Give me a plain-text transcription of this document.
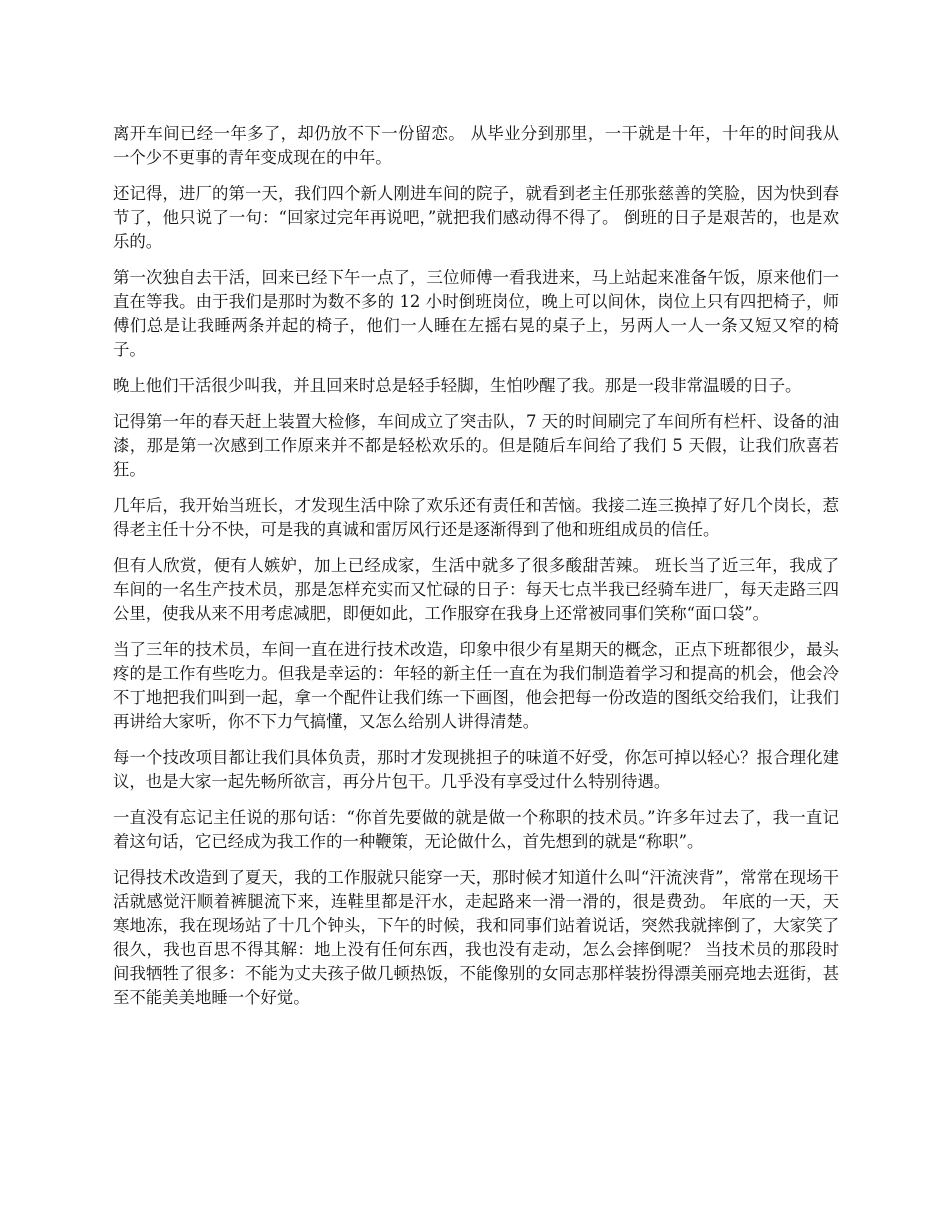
离开车间已经一年多了，却仍放不下一份留恋。 从毕业分到那里，一干就是十年，十年的时间我从一个少不更事的青年变成现在的中年。

还记得，进厂的第一天，我们四个新人刚进车间的院子，就看到老主任那张慈善的笑脸，因为快到春节了，他只说了一句：“回家过完年再说吧，”就把我们感动得不得了。 倒班的日子是艰苦的，也是欢乐的。

第一次独自去干活，回来已经下午一点了，三位师傅一看我进来，马上站起来准备午饭，原来他们一直在等我。由于我们是那时为数不多的 12 小时倒班岗位，晚上可以间休，岗位上只有四把椅子，师傅们总是让我睡两条并起的椅子，他们一人睡在左摇右晃的桌子上，另两人一人一条又短又窄的椅子。

晚上他们干活很少叫我，并且回来时总是轻手轻脚，生怕吵醒了我。那是一段非常温暖的日子。

记得第一年的春天赶上装置大检修，车间成立了突击队，7 天的时间刷完了车间所有栏杆、设备的油漆，那是第一次感到工作原来并不都是轻松欢乐的。但是随后车间给了我们 5 天假，让我们欣喜若狂。

几年后，我开始当班长，才发现生活中除了欢乐还有责任和苦恼。我接二连三换掉了好几个岗长，惹得老主任十分不快，可是我的真诚和雷厉风行还是逐渐得到了他和班组成员的信任。

但有人欣赏，便有人嫉妒，加上已经成家，生活中就多了很多酸甜苦辣。 班长当了近三年，我成了车间的一名生产技术员，那是怎样充实而又忙碌的日子：每天七点半我已经骑车进厂，每天走路三四公里，使我从来不用考虑减肥，即便如此，工作服穿在我身上还常被同事们笑称“面口袋”。

当了三年的技术员，车间一直在进行技术改造，印象中很少有星期天的概念，正点下班都很少，最头疼的是工作有些吃力。但我是幸运的：年轻的新主任一直在为我们制造着学习和提高的机会，他会冷不丁地把我们叫到一起，拿一个配件让我们练一下画图，他会把每一份改造的图纸交给我们，让我们再讲给大家听，你不下力气搞懂，又怎么给别人讲得清楚。

每一个技改项目都让我们具体负责，那时才发现挑担子的味道不好受，你怎可掉以轻心？报合理化建议，也是大家一起先畅所欲言，再分片包干。几乎没有享受过什么特别待遇。

一直没有忘记主任说的那句话：“你首先要做的就是做一个称职的技术员。”许多年过去了，我一直记着这句话，它已经成为我工作的一种鞭策，无论做什么，首先想到的就是“称职”。

记得技术改造到了夏天，我的工作服就只能穿一天，那时候才知道什么叫“汗流浃背”，常常在现场干活就感觉汗顺着裤腿流下来，连鞋里都是汗水，走起路来一滑一滑的，很是费劲。 年底的一天，天寒地冻，我在现场站了十几个钟头，下午的时候，我和同事们站着说话，突然我就摔倒了，大家笑了很久，我也百思不得其解：地上没有任何东西，我也没有走动，怎么会摔倒呢？ 当技术员的那段时间我牺牲了很多：不能为丈夫孩子做几顿热饭，不能像别的女同志那样装扮得漂美丽亮地去逛街，甚至不能美美地睡一个好觉。
